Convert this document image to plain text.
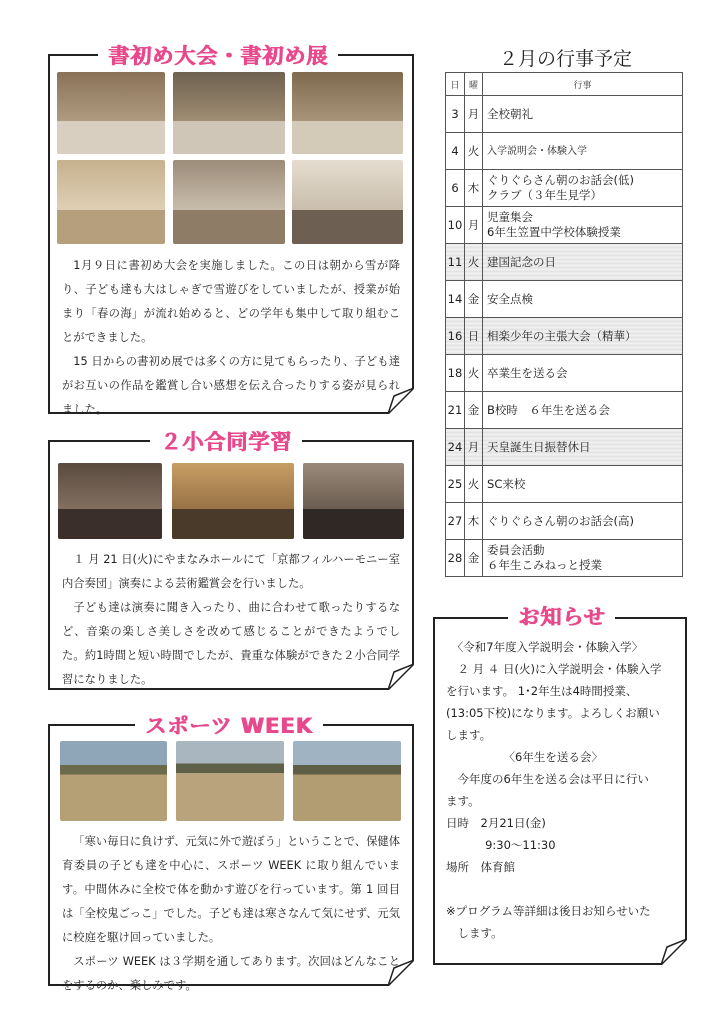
書初め大会・書初め展

1月９日に書初め大会を実施しました。この日は朝から雪が降り、子ども達も大はしゃぎで雪遊びをしていましたが、授業が始まり「春の海」が流れ始めると、どの学年も集中して取り組むことができました。

15 日からの書初め展では多くの方に見てもらったり、子ども達がお互いの作品を鑑賞し合い感想を伝え合ったりする姿が見られました。

２小合同学習

１ 月 21 日(火)にやまなみホールにて「京都フィルハーモニー室内合奏団」演奏による芸術鑑賞会を行いました。

子ども達は演奏に聞き入ったり、曲に合わせて歌ったりするなど、音楽の楽しさ美しさを改めて感じることができたようでした。約1時間と短い時間でしたが、貴重な体験ができた２小合同学習になりました。

スポーツ WEEK

「寒い毎日に負けず、元気に外で遊ぼう」ということで、保健体育委員の子ども達を中心に、スポーツ WEEK に取り組んでいます。中間休みに全校で体を動かす遊びを行っています。第 1 回目は「全校鬼ごっこ」でした。子ども達は寒さなんて気にせず、元気に校庭を駆け回っていました。

スポーツ WEEK は３学期を通してあります。次回はどんなことをするのか、楽しみです。

２月の行事予定
日	曜	行事
3	月	全校朝礼
4	火	入学説明会・体験入学
6	木	ぐりぐらさん朝のお話会(低)
クラブ（３年生見学）
10	月	児童集会
6年生笠置中学校体験授業
11	火	建国記念の日
14	金	安全点検
16	日	相楽少年の主張大会（精華）
18	火	卒業生を送る会
21	金	B校時　６年生を送る会
24	月	天皇誕生日振替休日
25	火	SC来校
27	木	ぐりぐらさん朝のお話会(高)
28	金	委員会活動
６年生こみねっと授業
お知らせ
〈令和7年度入学説明会・体験入学〉
２ 月 ４ 日(火)に入学説明会・体験入学
を行います。 1･2年生は4時間授業、
(13:05下校)になります。よろしくお願い
します。
〈6年生を送る会〉
今年度の6年生を送る会は平日に行い
ます。
日時　2月21日(金)
9:30～11:30
場所　体育館
※プログラム等詳細は後日お知らせいた
します。
